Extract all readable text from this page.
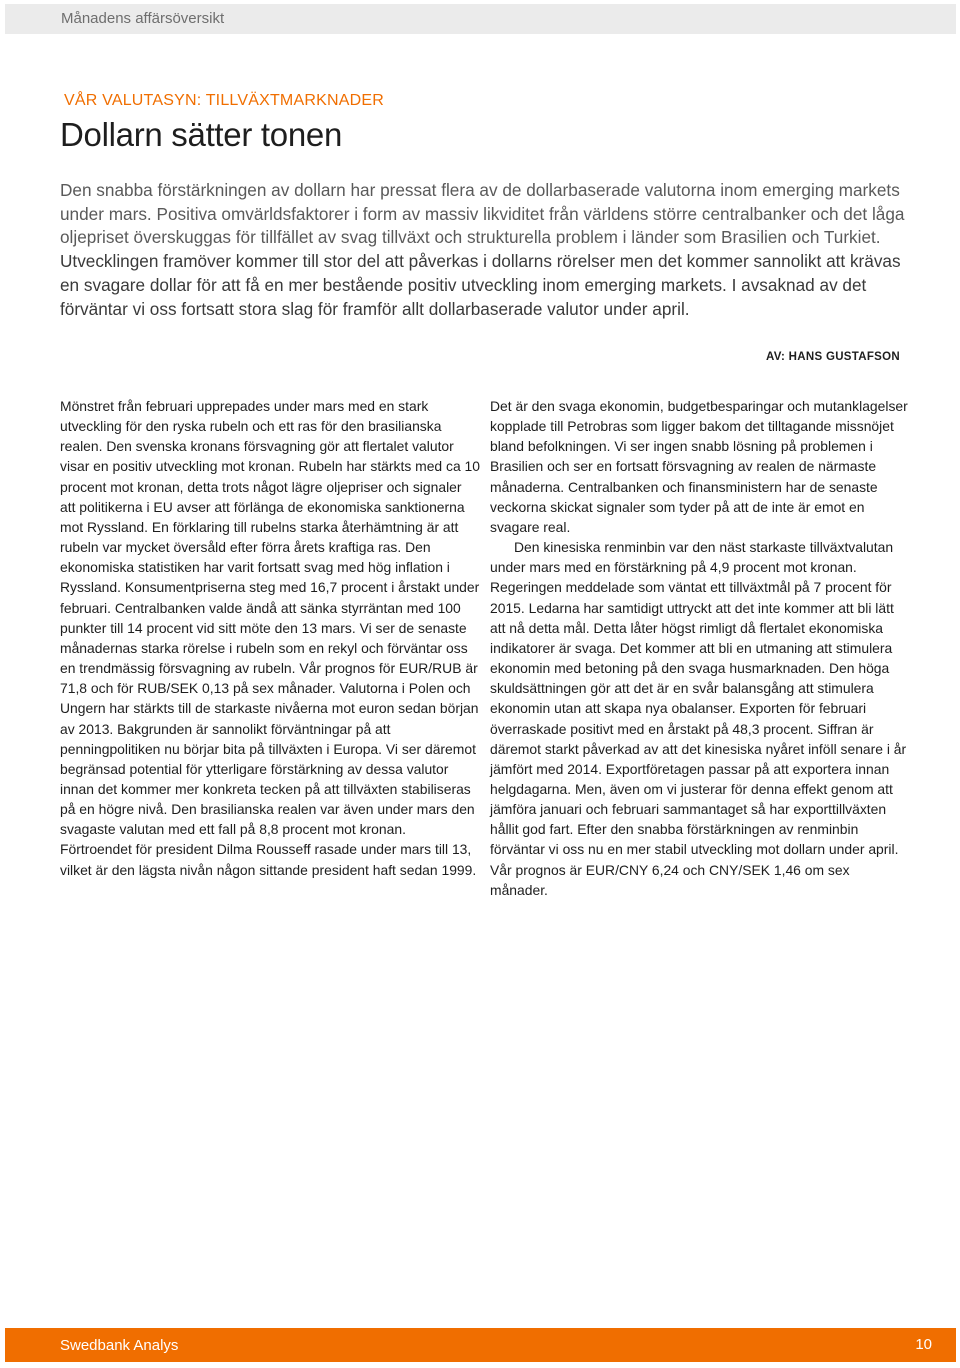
Månadens affärsöversikt
VÅR VALUTASYN: TILLVÄXTMARKNADER
Dollarn sätter tonen

Den snabba förstärkningen av dollarn har pressat flera av de dollarbaserade valutorna inom emerging markets under mars. Positiva omvärldsfaktorer i form av massiv likviditet från världens större centralbanker och det låga oljepriset överskuggas för tillfället av svag tillväxt och strukturella problem i länder som Brasilien och Turkiet. Utvecklingen framöver kommer till stor del att påverkas i dollarns rörelser men det kommer sannolikt att krävas en svagare dollar för att få en mer bestående positiv utveckling inom emerging markets. I avsaknad av det förväntar vi oss fortsatt stora slag för framför allt dollarbaserade valutor under april.

AV: HANS GUSTAFSON

Mönstret från februari upprepades under mars med en stark utveckling för den ryska rubeln och ett ras för den brasilianska realen. Den svenska kronans försvagning gör att flertalet valutor visar en positiv utveckling mot kronan. Rubeln har stärkts med ca 10 procent mot kronan, detta trots något lägre oljepriser och signaler att politikerna i EU avser att förlänga de ekonomiska sanktionerna mot Ryssland. En förklaring till rubelns starka återhämtning är att rubeln var mycket översåld efter förra årets kraftiga ras. Den ekonomiska statistiken har varit fortsatt svag med hög inflation i Ryssland. Konsumentpriserna steg med 16,7 procent i årstakt under februari. Centralbanken valde ändå att sänka styrräntan med 100 punkter till 14 procent vid sitt möte den 13 mars. Vi ser de senaste månadernas starka rörelse i rubeln som en rekyl och förväntar oss en trendmässig försvagning av rubeln. Vår prognos för EUR/RUB är 71,8 och för RUB/SEK 0,13 på sex månader. Valutorna i Polen och Ungern har stärkts till de starkaste nivåerna mot euron sedan början av 2013. Bakgrunden är sannolikt förväntningar på att penningpolitiken nu börjar bita på tillväxten i Europa. Vi ser däremot begränsad potential för ytterligare förstärkning av dessa valutor innan det kommer mer konkreta tecken på att tillväxten stabiliseras på en högre nivå. Den brasilianska realen var även under mars den svagaste valutan med ett fall på 8,8 procent mot kronan. Förtroendet för president Dilma Rousseff rasade under mars till 13, vilket är den lägsta nivån någon sittande president haft sedan 1999.

Det är den svaga ekonomin, budgetbesparingar och mutanklagelser kopplade till Petrobras som ligger bakom det tilltagande missnöjet bland befolkningen. Vi ser ingen snabb lösning på problemen i Brasilien och ser en fortsatt försvagning av realen de närmaste månaderna. Centralbanken och finansministern har de senaste veckorna skickat signaler som tyder på att de inte är emot en svagare real.

Den kinesiska renminbin var den näst starkaste tillväxtvalutan under mars med en förstärkning på 4,9 procent mot kronan. Regeringen meddelade som väntat ett tillväxtmål på 7 procent för 2015. Ledarna har samtidigt uttryckt att det inte kommer att bli lätt att nå detta mål. Detta låter högst rimligt då flertalet ekonomiska indikatorer är svaga. Det kommer att bli en utmaning att stimulera ekonomin med betoning på den svaga husmarknaden. Den höga skuldsättningen gör att det är en svår balansgång att stimulera ekonomin utan att skapa nya obalanser. Exporten för februari överraskade positivt med en årstakt på 48,3 procent. Siffran är däremot starkt påverkad av att det kinesiska nyåret inföll senare i år jämfört med 2014. Exportföretagen passar på att exportera innan helgdagarna. Men, även om vi justerar för denna effekt genom att jämföra januari och februari sammantaget så har exporttillväxten hållit god fart. Efter den snabba förstärkningen av renminbin förväntar vi oss nu en mer stabil utveckling mot dollarn under april. Vår prognos är EUR/CNY 6,24 och CNY/SEK 1,46 om sex månader.

Swedbank Analys	10
